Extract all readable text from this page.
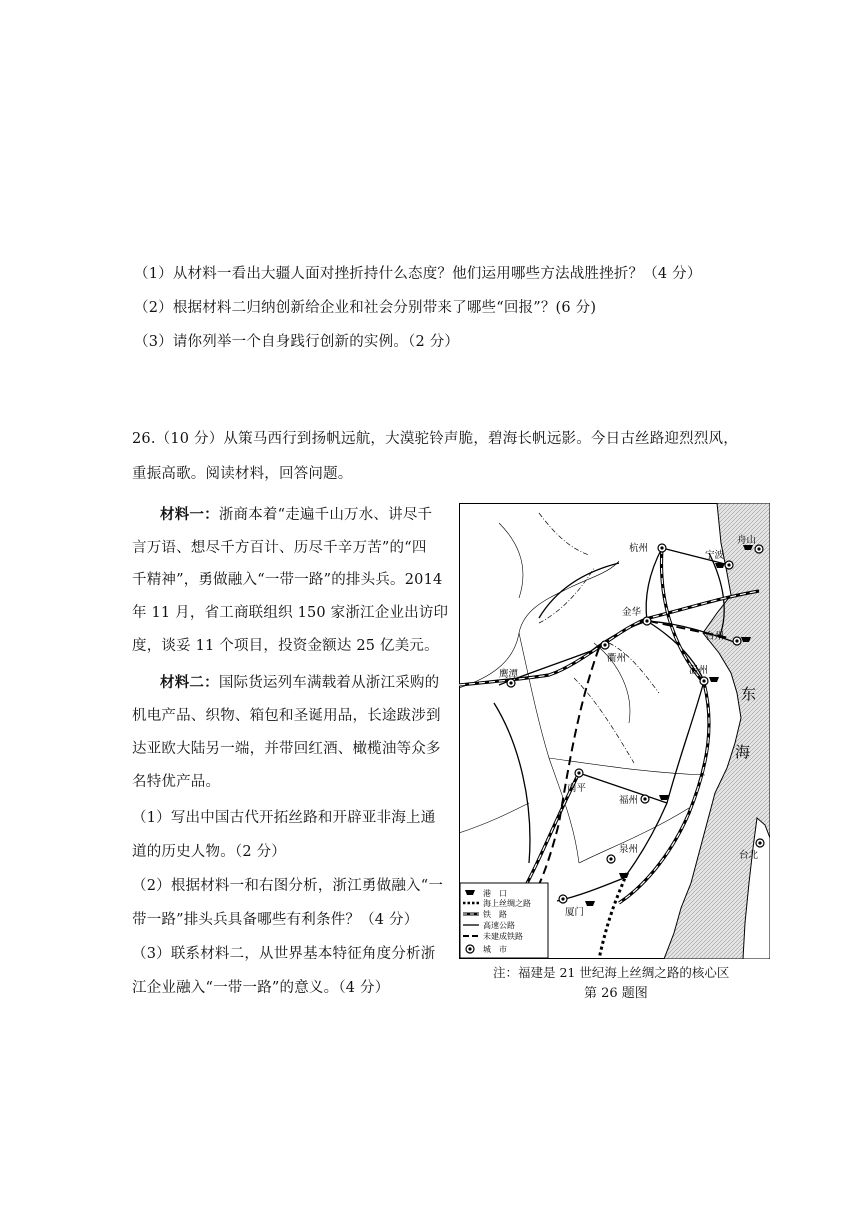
（1）从材料一看出大疆人面对挫折持什么态度？他们运用哪些方法战胜挫折？（4 分）
（2）根据材料二归纳创新给企业和社会分别带来了哪些“回报”？(6 分)
（3）请你列举一个自身践行创新的实例。（2 分）
26.（10 分）从策马西行到扬帆远航，大漠驼铃声脆，碧海长帆远影。今日古丝路迎烈烈风，
重振高歌。阅读材料，回答问题。
材料一：浙商本着“走遍千山万水、讲尽千
言万语、想尽千方百计、历尽千辛万苦”的“四
千精神”，勇做融入“一带一路”的排头兵。2014
年 11 月，省工商联组织 150 家浙江企业出访印
度，谈妥 11 个项目，投资金额达 25 亿美元。
材料二：国际货运列车满载着从浙江采购的
机电产品、织物、箱包和圣诞用品，长途跋涉到
达亚欧大陆另一端，并带回红酒、橄榄油等众多
名特优产品。
（1）写出中国古代开拓丝路和开辟亚非海上通
道的历史人物。（2 分）
（2）根据材料一和右图分析，浙江勇做融入“一
带一路”排头兵具备哪些有利条件？（4 分）
（3）联系材料二，从世界基本特征角度分析浙
江企业融入“一带一路”的意义。（4 分）
杭州
宁波
舟山
金华
台州
衢州
温州
鹰潭
南平
福州
泉州
厦门
台北
东
海
港　口
海上丝绸之路
铁　路
高速公路
未建成铁路
城　市
注：福建是 21 世纪海上丝绸之路的核心区
第 26 题图
